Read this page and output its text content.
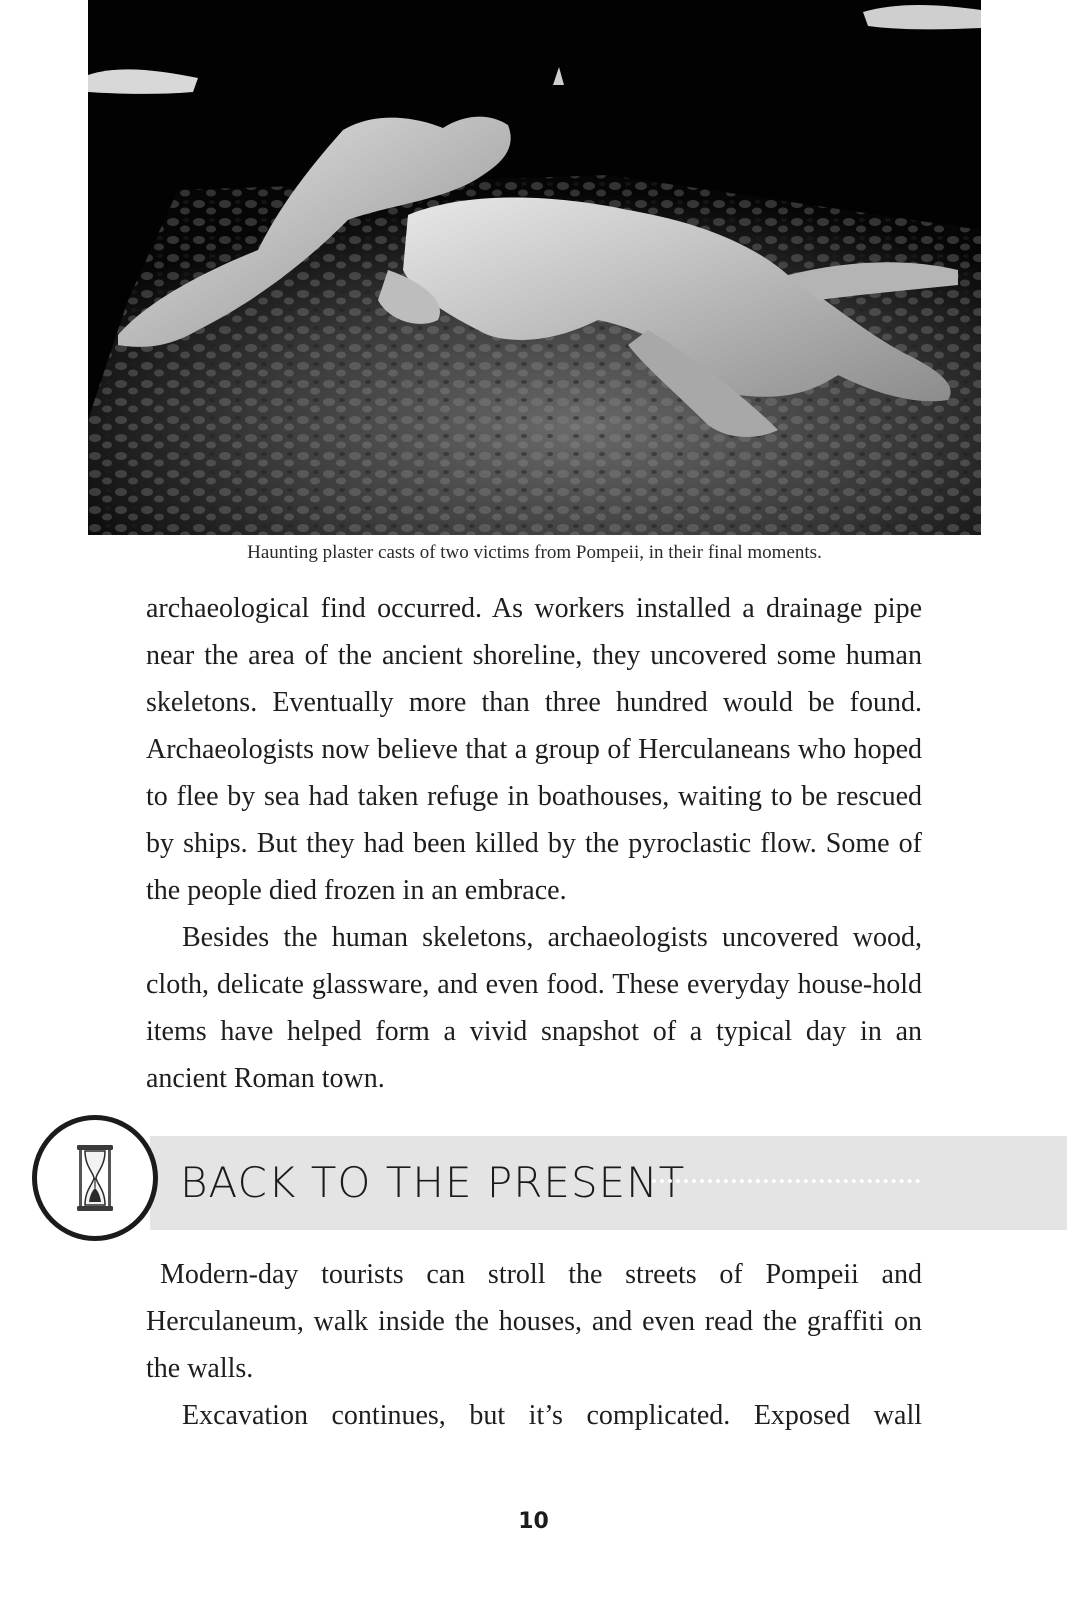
Haunting plaster casts of two victims from Pompeii, in their final moments.

archaeological find occurred. As workers installed a drainage pipe near the area of the ancient shoreline, they uncovered some human skeletons. Eventually more than three hundred would be found. Archaeologists now believe that a group of Herculaneans who hoped to flee by sea had taken refuge in boathouses, waiting to be rescued by ships. But they had been killed by the pyroclastic flow. Some of the people died frozen in an embrace.

Besides the human skeletons, archaeologists uncovered wood, cloth, delicate glassware, and even food. These everyday house-hold items have helped form a vivid snapshot of a typical day in an ancient Roman town.

BACK TO THE PRESENT

Modern-day tourists can stroll the streets of Pompeii and Herculaneum, walk inside the houses, and even read the graffiti on the walls.

Excavation continues, but it’s complicated. Exposed wall

10
